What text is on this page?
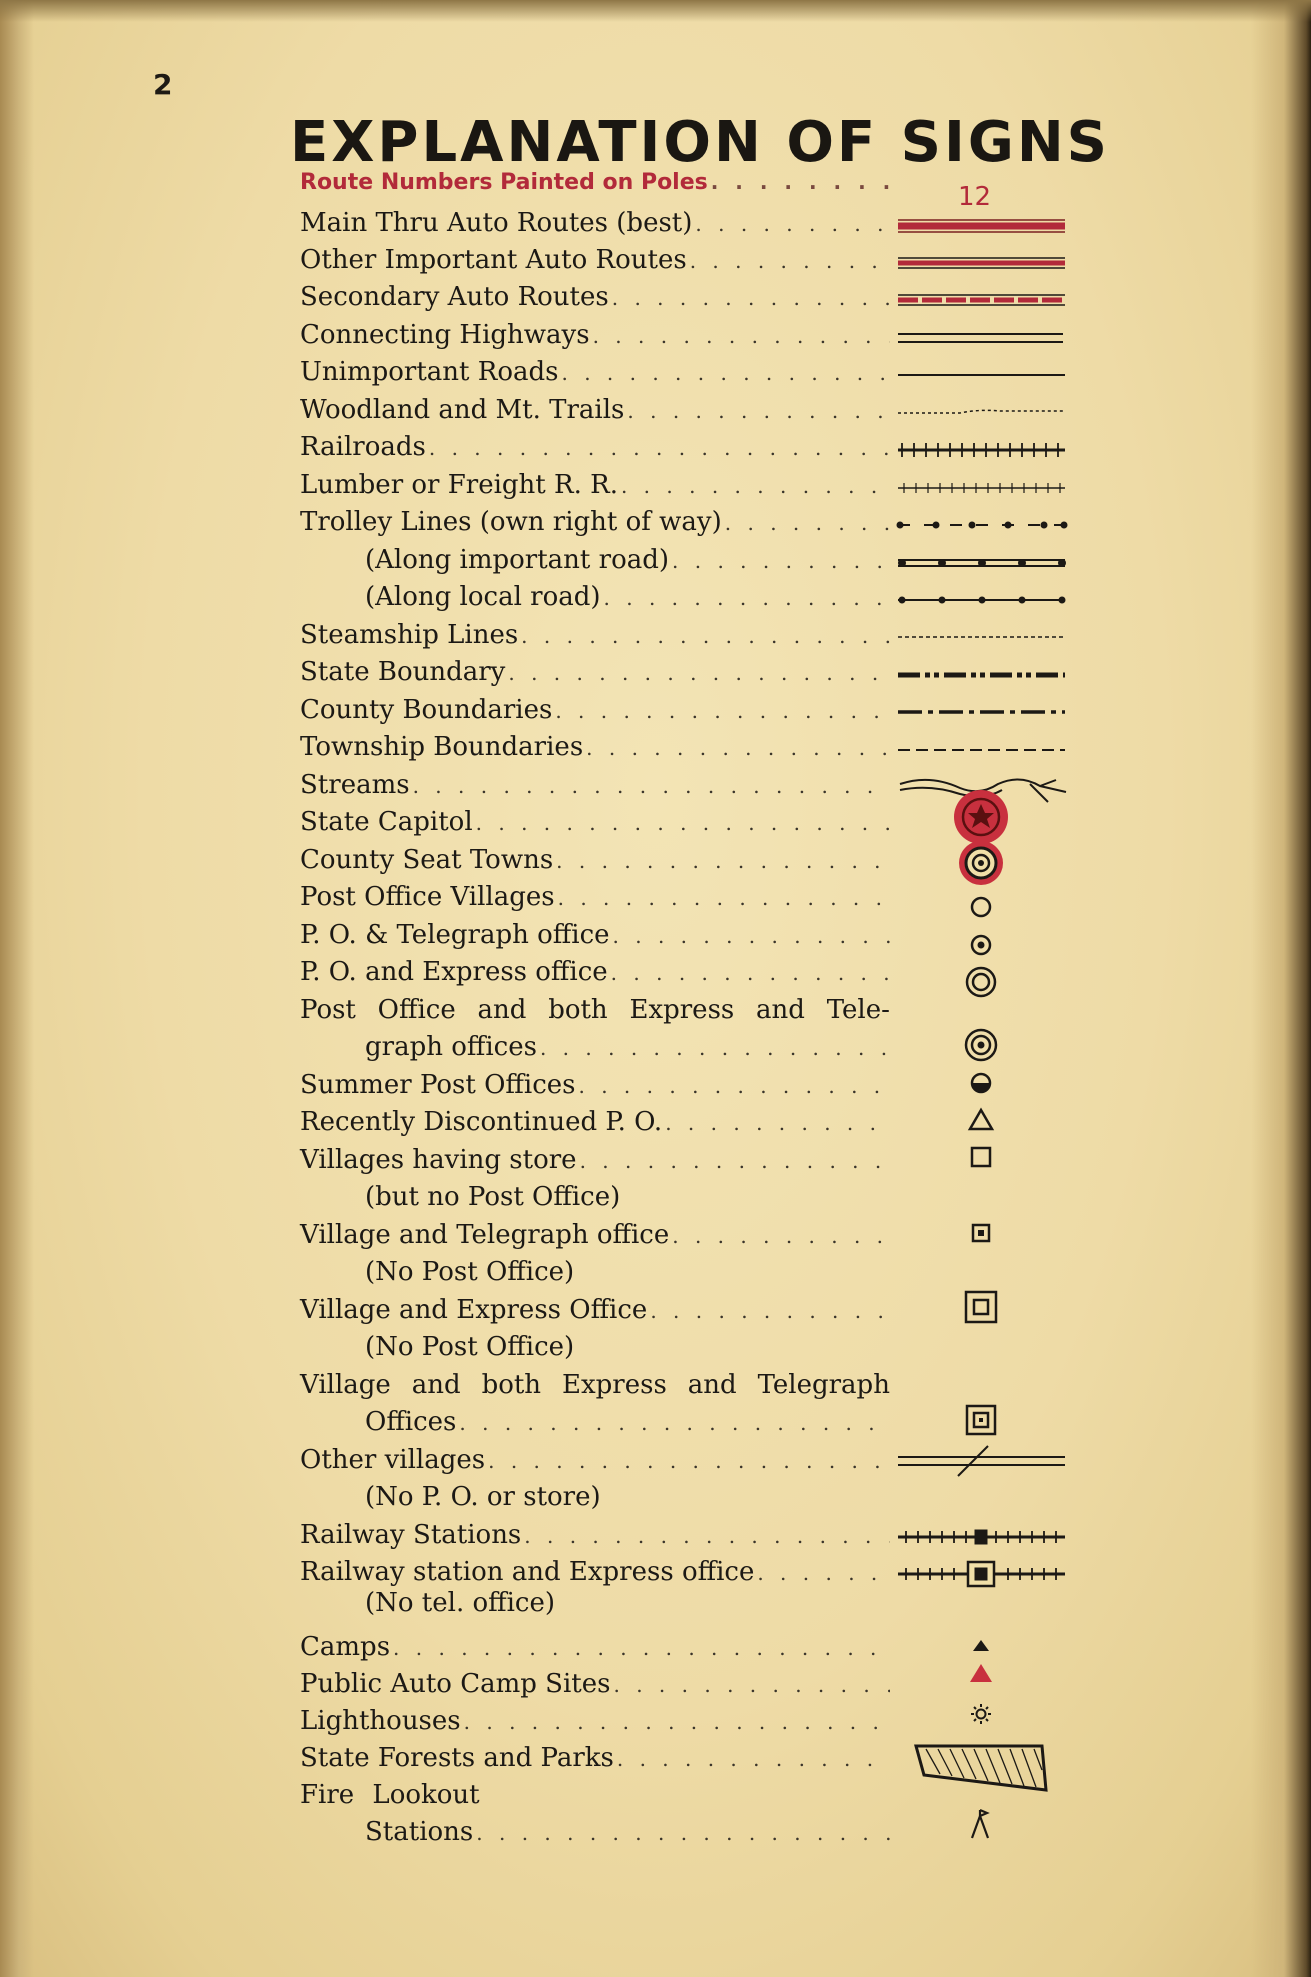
2
EXPLANATION OF SIGNS
Route Numbers Painted on Poles
. . .	12
Main Thru Auto Routes (best)
. . .
Other Important Auto Routes
. . .
Secondary Auto Routes
. . .
Connecting Highways
. . .
Unimportant Roads
. . .
Woodland and Mt. Trails
. . .
Railroads
. . .
Lumber or Freight R. R.
. . .
Trolley Lines (own right of way)
. . .
(Along important road)
. . .
(Along local road)
. . .
Steamship Lines
. . .
State Boundary
. . .
County Boundaries
. . .
Township Boundaries
. . .
Streams
. . .
State Capitol
. . .
County Seat Towns
. . .
Post Office Villages
. . .
P. O. & Telegraph office
. . .
P. O. and Express office
. . .
Post Office and both Express and Tele-
graph offices
. . .
Summer Post Offices
. . .
Recently Discontinued P. O.
. . .
Villages having store
. . .
(but no Post Office)
Village and Telegraph office
. . .
(No Post Office)
Village and Express Office
. . .
(No Post Office)
Village and both Express and Telegraph
Offices
. . .
Other villages
. . .
(No P. O. or store)
Railway Stations
. . .
Railway station and Express office
. . .
(No tel. office)
Camps
. . .
Public Auto Camp Sites
. . .
Lighthouses
. . .
State Forests and Parks
. . .
Fire Lookout
Stations
. . .
